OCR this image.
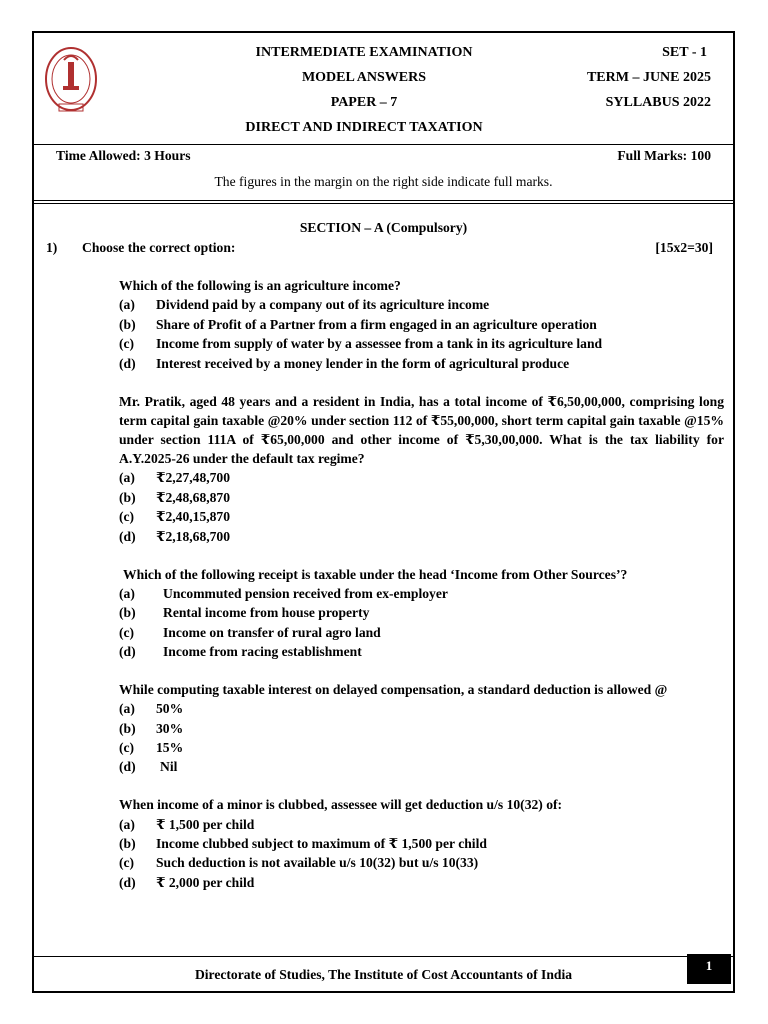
INTERMEDIATE EXAMINATION
MODEL ANSWERS
PAPER – 7
DIRECT AND INDIRECT TAXATION
SET - 1
TERM – JUNE 2025
SYLLABUS 2022
Time Allowed: 3 Hours	Full Marks: 100
The figures in the margin on the right side indicate full marks.
SECTION – A (Compulsory)
1) Choose the correct option:	[15x2=30]
Which of the following is an agriculture income?
(a) Dividend paid by a company out of its agriculture income
(b) Share of Profit of a Partner from a firm engaged in an agriculture operation
(c) Income from supply of water by a assessee from a tank in its agriculture land
(d) Interest received by a money lender in the form of agricultural produce
Mr. Pratik, aged 48 years and a resident in India, has a total income of ₹6,50,00,000, comprising long term capital gain taxable @20% under section 112 of ₹55,00,000, short term capital gain taxable @15% under section 111A of ₹65,00,000 and other income of ₹5,30,00,000. What is the tax liability for A.Y.2025-26 under the default tax regime?
(a) ₹2,27,48,700
(b) ₹2,48,68,870
(c) ₹2,40,15,870
(d) ₹2,18,68,700
Which of the following receipt is taxable under the head ‘Income from Other Sources’?
(a) Uncommuted pension received from ex-employer
(b) Rental income from house property
(c) Income on transfer of rural agro land
(d) Income from racing establishment
While computing taxable interest on delayed compensation, a standard deduction is allowed @
(a) 50%
(b) 30%
(c) 15%
(d) Nil
When income of a minor is clubbed, assessee will get deduction u/s 10(32) of:
(a) ₹ 1,500 per child
(b) Income clubbed subject to maximum of ₹ 1,500 per child
(c) Such deduction is not available u/s 10(32) but u/s 10(33)
(d) ₹ 2,000 per child
Directorate of Studies, The Institute of Cost Accountants of India
1
